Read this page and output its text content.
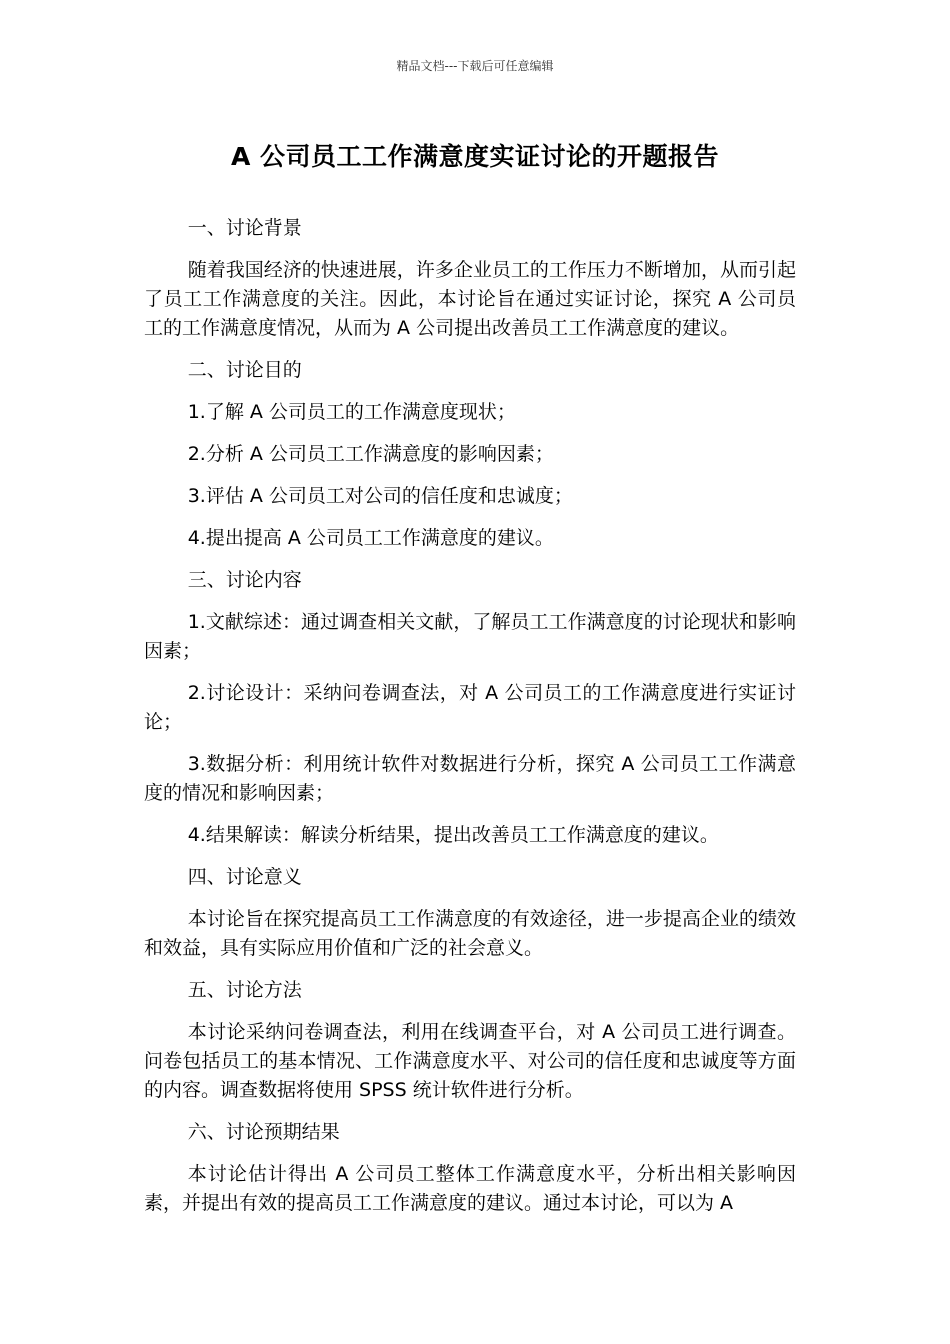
精品文档---下载后可任意编辑
A 公司员工工作满意度实证讨论的开题报告

一、讨论背景

随着我国经济的快速进展，许多企业员工的工作压力不断增加，从而引起了员工工作满意度的关注。因此，本讨论旨在通过实证讨论，探究 A 公司员工的工作满意度情况，从而为 A 公司提出改善员工工作满意度的建议。

二、讨论目的

1.了解 A 公司员工的工作满意度现状；

2.分析 A 公司员工工作满意度的影响因素；

3.评估 A 公司员工对公司的信任度和忠诚度；

4.提出提高 A 公司员工工作满意度的建议。

三、讨论内容

1.文献综述：通过调查相关文献，了解员工工作满意度的讨论现状和影响因素；

2.讨论设计：采纳问卷调查法，对 A 公司员工的工作满意度进行实证讨论；

3.数据分析：利用统计软件对数据进行分析，探究 A 公司员工工作满意度的情况和影响因素；

4.结果解读：解读分析结果，提出改善员工工作满意度的建议。

四、讨论意义

本讨论旨在探究提高员工工作满意度的有效途径，进一步提高企业的绩效和效益，具有实际应用价值和广泛的社会意义。

五、讨论方法

本讨论采纳问卷调查法，利用在线调查平台，对 A 公司员工进行调查。问卷包括员工的基本情况、工作满意度水平、对公司的信任度和忠诚度等方面的内容。调查数据将使用 SPSS 统计软件进行分析。

六、讨论预期结果

本讨论估计得出 A 公司员工整体工作满意度水平，分析出相关影响因素，并提出有效的提高员工工作满意度的建议。通过本讨论，可以为 A
